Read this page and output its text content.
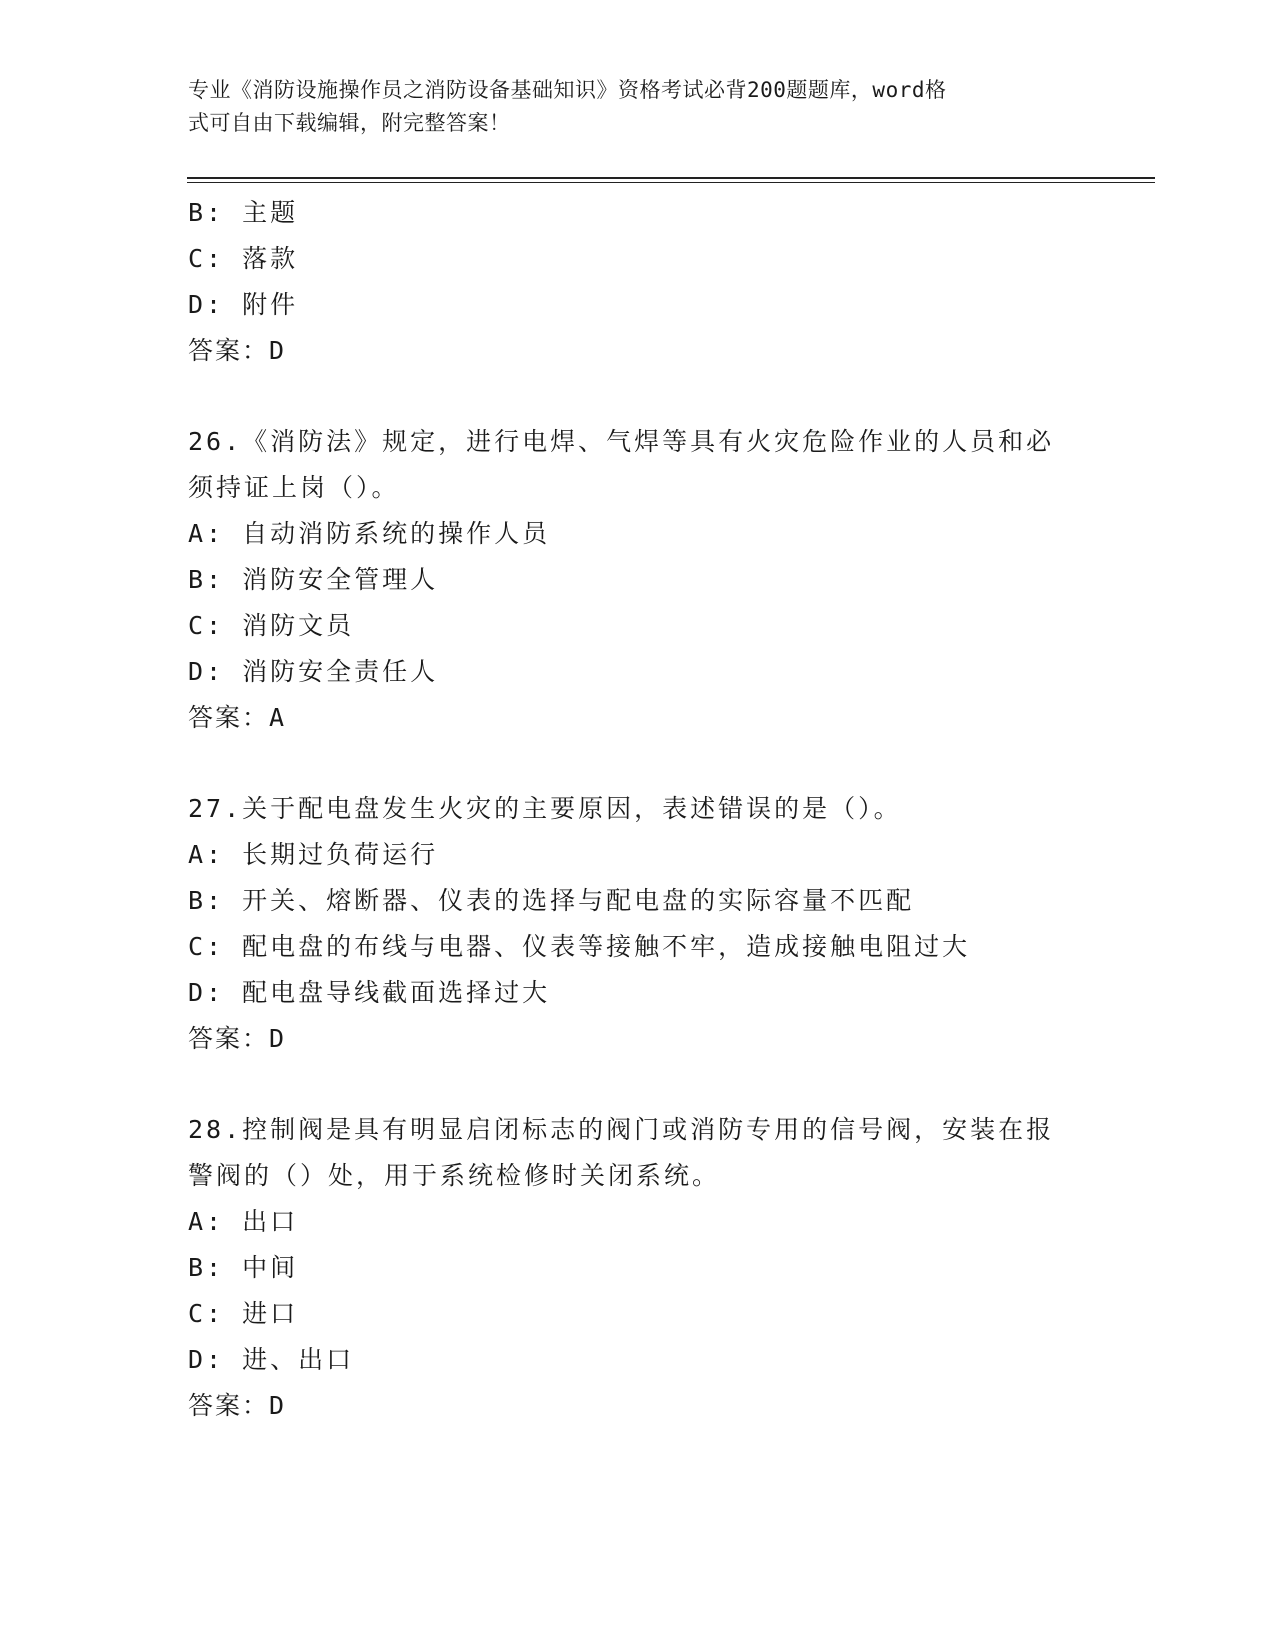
专业《消防设施操作员之消防设备基础知识》资格考试必背200题题库，word格
式可自由下载编辑，附完整答案！
B: 主题
C: 落款
D: 附件
答案：D
26.《消防法》规定，进行电焊、气焊等具有火灾危险作业的人员和必
须持证上岗（）。
A: 自动消防系统的操作人员
B: 消防安全管理人
C: 消防文员
D: 消防安全责任人
答案：A
27.关于配电盘发生火灾的主要原因，表述错误的是（）。
A: 长期过负荷运行
B: 开关、熔断器、仪表的选择与配电盘的实际容量不匹配
C: 配电盘的布线与电器、仪表等接触不牢，造成接触电阻过大
D: 配电盘导线截面选择过大
答案：D
28.控制阀是具有明显启闭标志的阀门或消防专用的信号阀，安装在报
警阀的（）处，用于系统检修时关闭系统。
A: 出口
B: 中间
C: 进口
D: 进、出口
答案：D
